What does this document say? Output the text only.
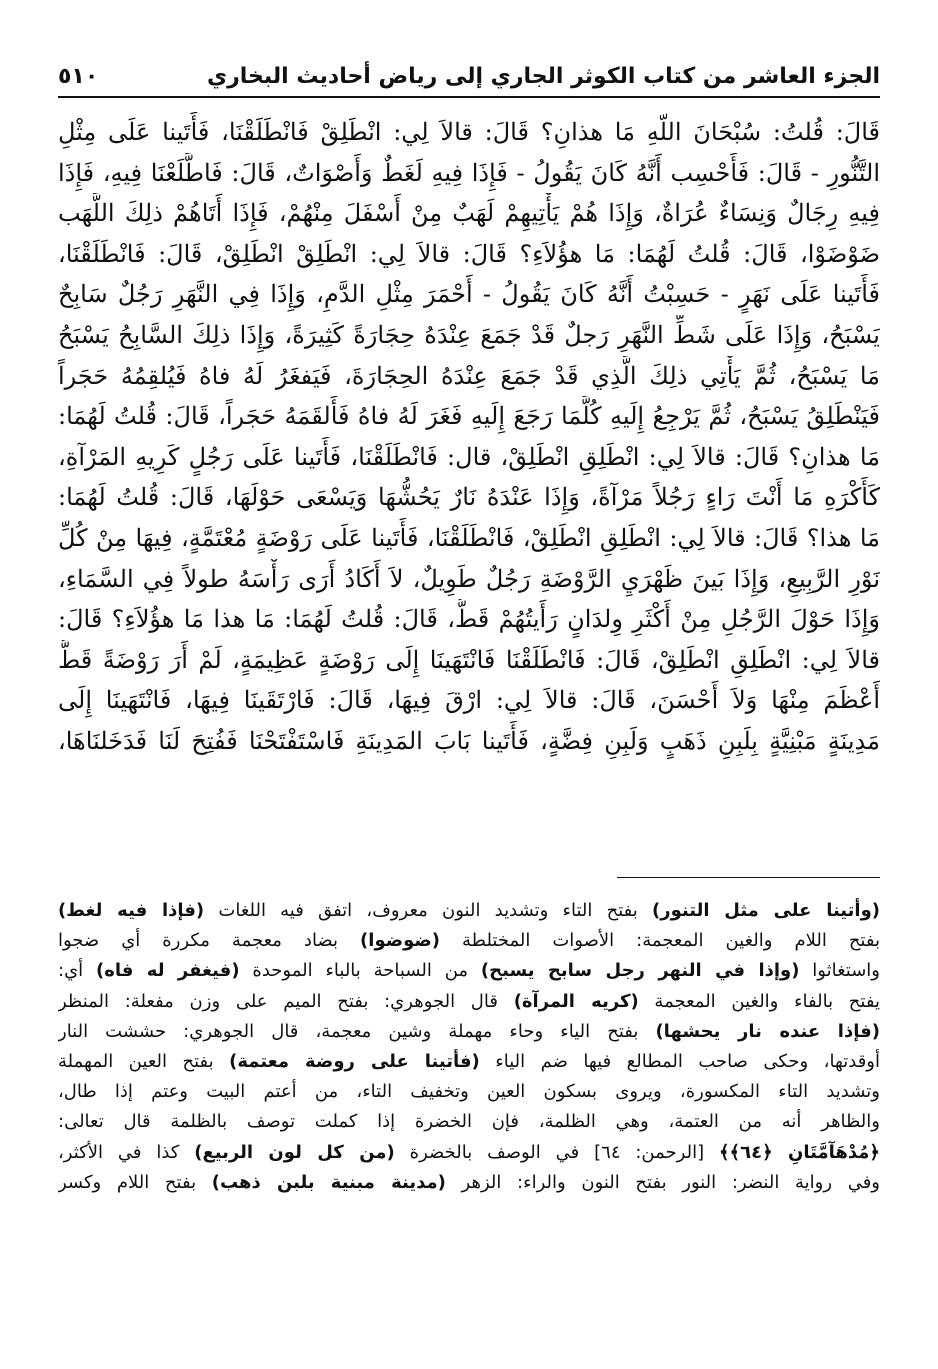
الجزء العاشر من كتاب الكوثر الجاري إلى رياض أحاديث البخاري
٥١٠
قَالَ: قُلتُ: سُبْحَانَ اللّهِ مَا هذانِ؟ قَالَ: قالاَ لِي: انْطَلِقْ فَانْطَلَقْنَا، فَأَتَينا عَلَى مِثْلِ
التَّنُّورِ - قَالَ: فَأَحْسِب أَنَّهُ كَانَ يَقُولُ - فَإِذَا فِيهِ لَغَطٌ وَأَصْوَاتٌ، قَالَ: فَاطَّلَعْنَا فِيهِ، فَإِذَا
فِيهِ رِجَالٌ وَنِسَاءٌ عُرَاةٌ، وَإِذَا هُمْ يَأْتِيهِمْ لَهَبٌ مِنْ أَسْفَلَ مِنْهُمْ، فَإِذَا أَتَاهُمْ ذلِكَ اللَّهَب
ضَوْضَوْا، قَالَ: قُلتُ لَهُمَا: مَا هؤُلاَءِ؟ قَالَ: قالاَ لِي: انْطَلِقْ انْطَلِقْ، قَالَ: فَانْطَلَقْنَا،
فَأَتَينا عَلَى نَهَرٍ - حَسِبْتُ أَنَّهُ كَانَ يَقُولُ - أَحْمَرَ مِثْلِ الدَّمِ، وَإِذَا فِي النَّهَرِ رَجُلٌ سَابِحٌ
يَسْبَحُ، وَإِذَا عَلَى شَطِّ النَّهَرِ رَجلٌ قَدْ جَمَعَ عِنْدَهُ حِجَارَةً كَثِيرَةً، وَإِذَا ذلِكَ السَّابِحُ يَسْبَحُ
مَا يَسْبَحُ، ثُمَّ يَأْتِي ذلِكَ الَّذِي قَدْ جَمَعَ عِنْدَهُ الحِجَارَةَ، فَيَفغَرُ لَهُ فاهُ فَيُلقِمُهُ حَجَراً
فَيَنْطَلِقُ يَسْبَحُ، ثُمَّ يَرْجِعُ إِلَيهِ كُلَّمَا رَجَعَ إِلَيهِ فَغَرَ لَهُ فاهُ فَأَلقَمَهُ حَجَراً، قَالَ: قُلتُ لَهُمَا:
مَا هذانِ؟ قَالَ: قالاَ لِي: انْطَلِقِ انْطَلِقْ، قال: فَانْطَلَقْنَا، فَأَتَينا عَلَى رَجُلٍ كَرِيهِ المَرْآةِ،
كَأَكْرَهِ مَا أَنْتَ رَاءٍ رَجُلاً مَرْآةً، وَإِذَا عَنْدَهُ نَارٌ يَحُشُّهَا وَيَسْعَى حَوْلَهَا، قَالَ: قُلتُ لَهُمَا:
مَا هذا؟ قَالَ: قالاَ لِي: انْطَلِقِ انْطَلِقْ، فَانْطَلَقْنَا، فَأَتَينا عَلَى رَوْضَةٍ مُعْتَمَّةٍ، فِيهَا مِنْ كُلِّ
نَوْرِ الرَّبِيعِ، وَإِذَا بَينَ ظَهْرَيِ الرَّوْضَةِ رَجُلٌ طَوِيلٌ، لاَ أَكَادُ أَرَى رَأْسَهُ طولاً فِي السَّمَاءِ،
وَإِذَا حَوْلَ الرَّجُلِ مِنْ أَكْثَرِ وِلدَانٍ رَأَيتُهُمْ قَطُّ، قَالَ: قُلتُ لَهُمَا: مَا هذا مَا هؤُلاَءِ؟ قَالَ:
قالاَ لِي: انْطَلِقِ انْطَلِقْ، قَالَ: فَانْطَلَقْنَا فَانْتَهَينَا إِلَى رَوْضَةٍ عَظِيمَةٍ، لَمْ أَرَ رَوْضَةً قَطُّ
أَعْظَمَ مِنْهَا وَلاَ أَحْسَنَ، قَالَ: قالاَ لِي: ارْقَ فِيهَا، قَالَ: فَارْتَقَينَا فِيهَا، فَانْتَهَينَا إِلَى
مَدِينَةٍ مَبْنِيَّةٍ بِلَبِنِ ذَهَبٍ وَلَبِنِ فِضَّةٍ، فَأَتَينا بَابَ المَدِينَةِ فَاسْتَفْتَحْنَا فَفُتِحَ لَنَا فَدَخَلنَاهَا،
(وأتينا على مثل التنور) بفتح التاء وتشديد النون معروف، اتفق فيه اللغات (فإذا فيه لغط)
بفتح اللام والغين المعجمة: الأصوات المختلطة (ضوضوا) بضاد معجمة مكررة أي ضجوا
واستغاثوا (وإذا في النهر رجل سابح يسبح) من السباحة بالباء الموحدة (فيغفر له فاه) أي:
يفتح بالفاء والغين المعجمة (كريه المرآة) قال الجوهري: بفتح الميم على وزن مفعلة: المنظر
(فإذا عنده نار يحشها) بفتح الياء وحاء مهملة وشين معجمة، قال الجوهري: حششت النار
أوقدتها، وحكى صاحب المطالع فيها ضم الياء (فأتينا على روضة معتمة) بفتح العين المهملة
وتشديد التاء المكسورة، ويروى بسكون العين وتخفيف التاء، من أعتم البيت وعتم إذا طال،
والظاهر أنه من العتمة، وهي الظلمة، فإن الخضرة إذا كملت توصف بالظلمة قال تعالى:
﴿مُدْهَآمَّتَانِ ﴿٦٤﴾﴾ [الرحمن: ٦٤] في الوصف بالخضرة (من كل لون الربيع) كذا في الأكثر،
وفي رواية النضر: النور بفتح النون والراء: الزهر (مدينة مبنية بلبن ذهب) بفتح اللام وكسر
